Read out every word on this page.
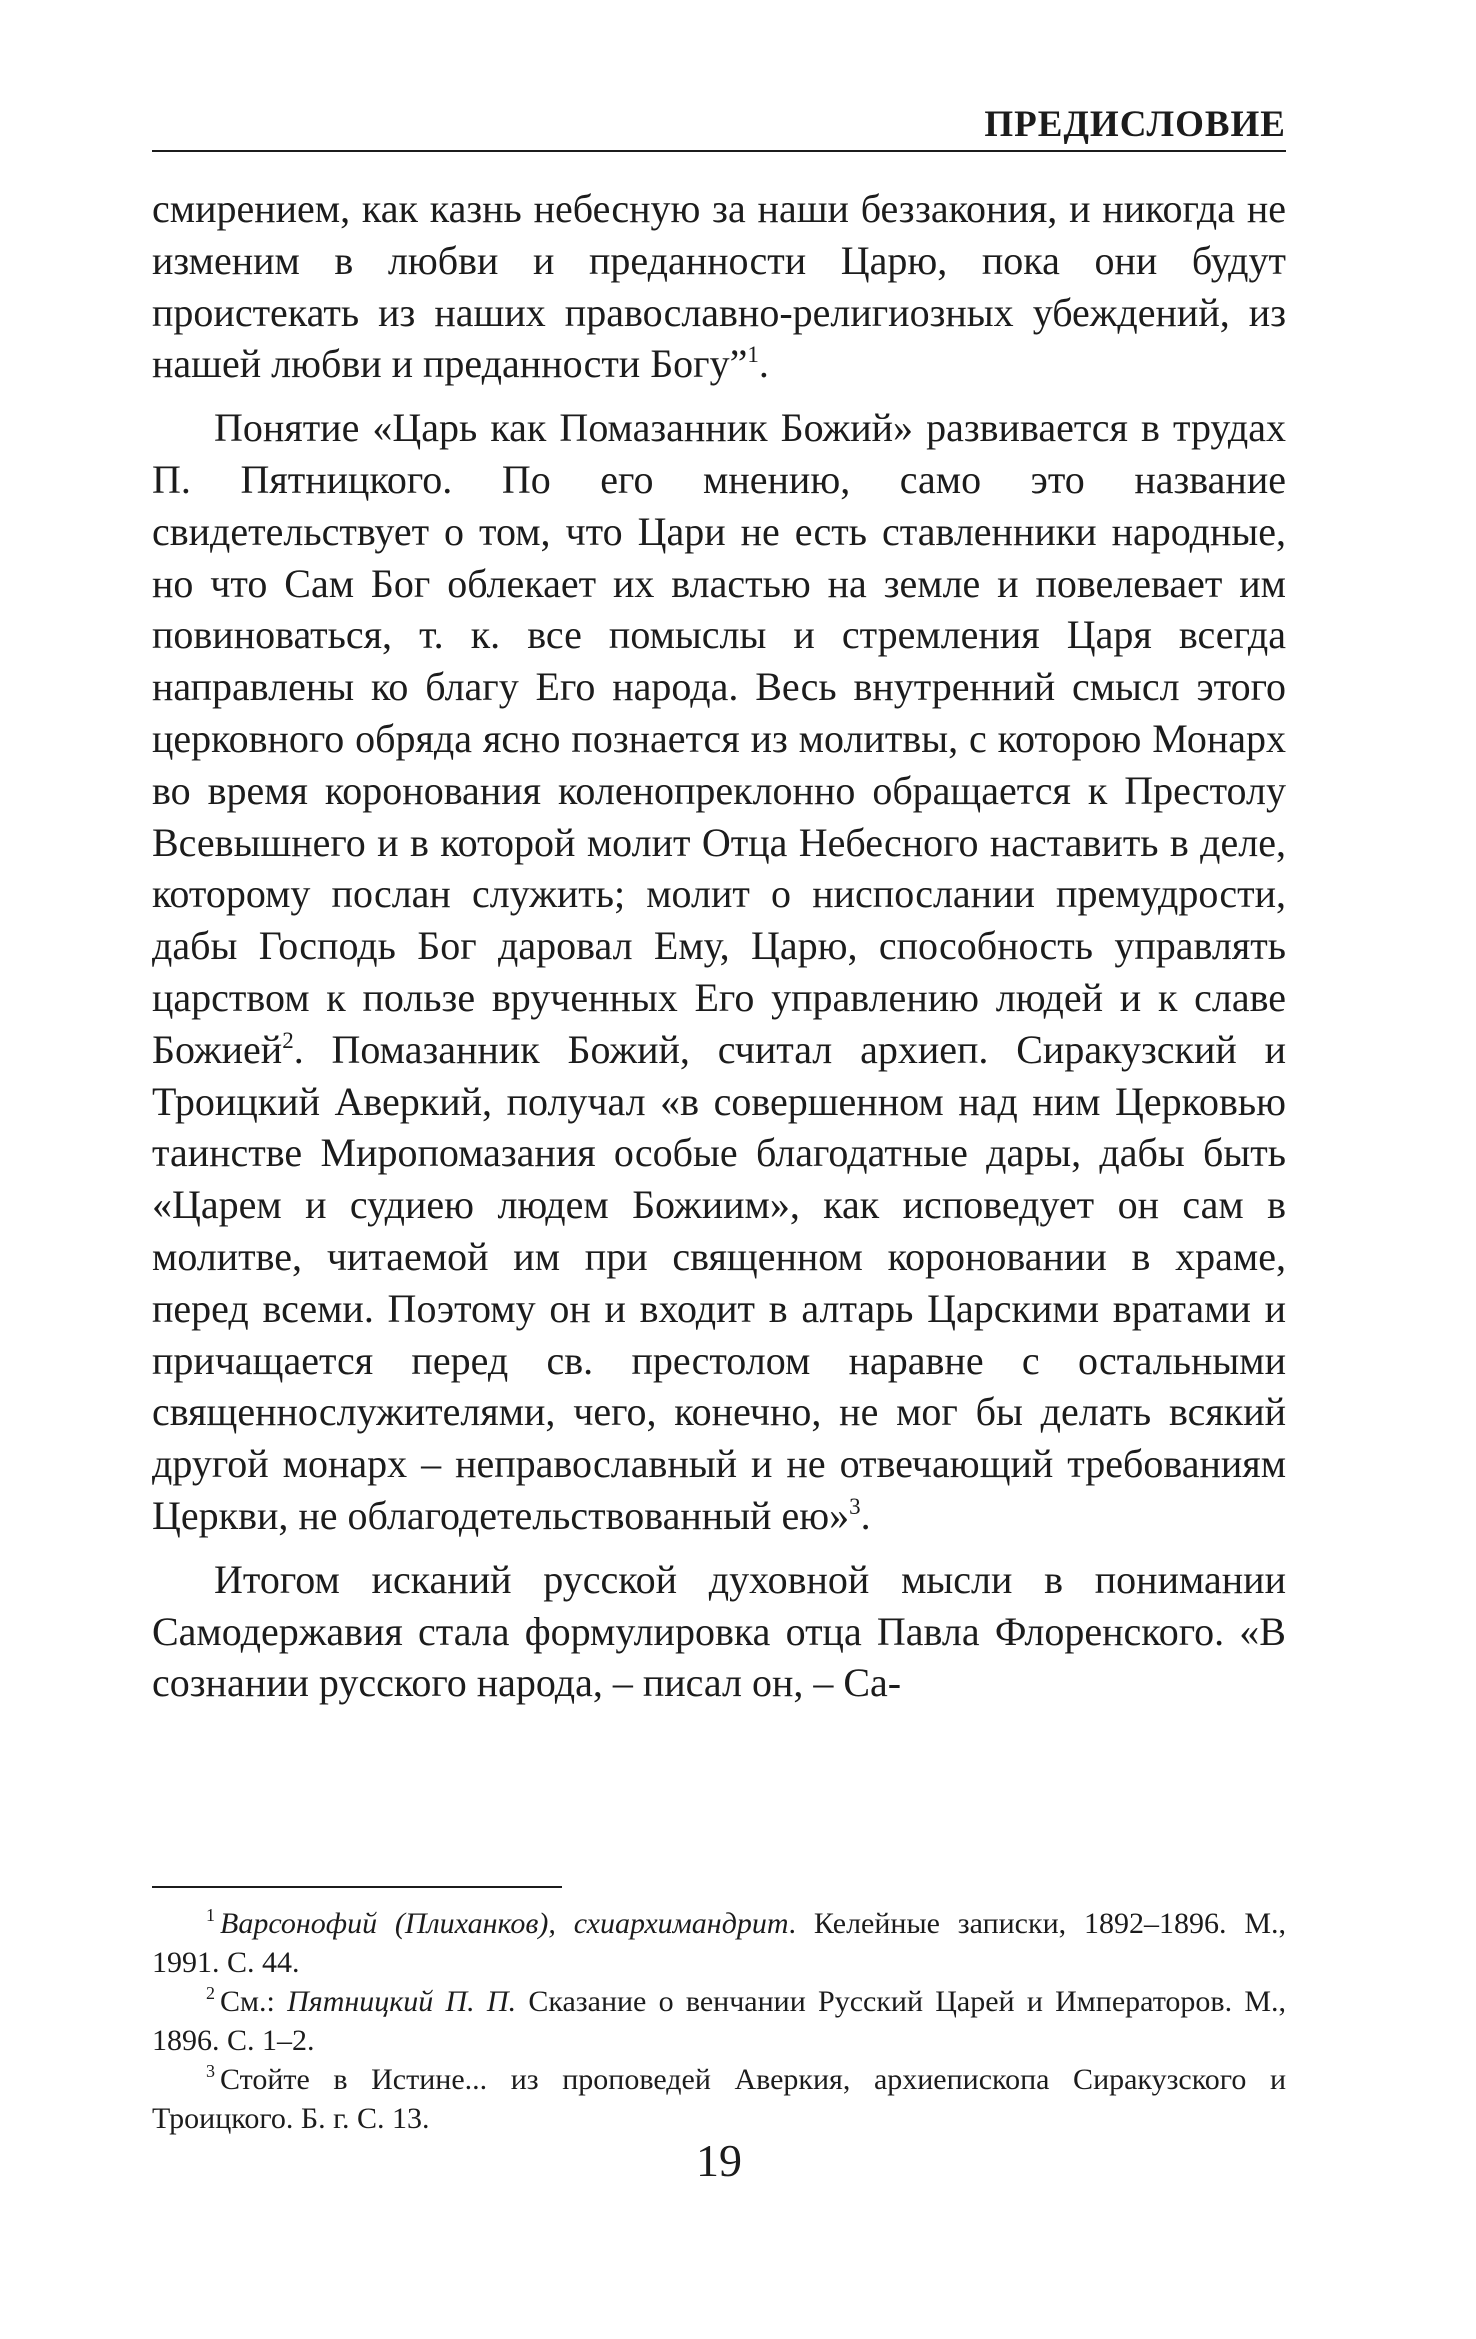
ПРЕДИСЛОВИЕ

смирением, как казнь небесную за наши беззакония, и никогда не изменим в любви и преданности Царю, пока они будут проистекать из наших православно-религиозных убеждений, из нашей любви и преданности Богу”$^1$.

Понятие «Царь как Помазанник Божий» развивается в трудах П. Пятницкого. По его мнению, само это название свидетельствует о том, что Цари не есть ставленники народные, но что Сам Бог облекает их властью на земле и повелевает им повиноваться, т. к. все помыслы и стремления Царя всегда направлены ко благу Его народа. Весь внутренний смысл этого церковного обряда ясно познается из молитвы, с которою Монарх во время коронования коленопреклонно обращается к Престолу Всевышнего и в которой молит Отца Небесного наставить в деле, которому послан служить; молит о ниспослании премудрости, дабы Господь Бог даровал Ему, Царю, способность управлять царством к пользе врученных Его управлению людей и к славе Божией$^2$. Помазанник Божий, считал архиеп. Сиракузский и Троицкий Аверкий, получал «в совершенном над ним Церковью таинстве Миропомазания особые благодатные дары, дабы быть «Царем и судиею людем Божиим», как исповедует он сам в молитве, читаемой им при священном короновании в храме, перед всеми. Поэтому он и входит в алтарь Царскими вратами и причащается перед св. престолом наравне с остальными священнослужителями, чего, конечно, не мог бы делать всякий другой монарх – неправославный и не отвечающий требованиям Церкви, не облагодетельствованный ею»$^3$.

Итогом исканий русской духовной мысли в понимании Самодержавия стала формулировка отца Павла Флоренского. «В сознании русского народа, – писал он, – Са-

$^1$ Варсонофий (Плиханков), схиархимандрит. Келейные записки, 1892–1896. М., 1991. С. 44.

$^2$ См.: Пятницкий П. П. Сказание о венчании Русский Царей и Императоров. М., 1896. С. 1–2.

$^3$ Стойте в Истине... из проповедей Аверкия, архиепископа Сиракузского и Троицкого. Б. г. С. 13.

19
